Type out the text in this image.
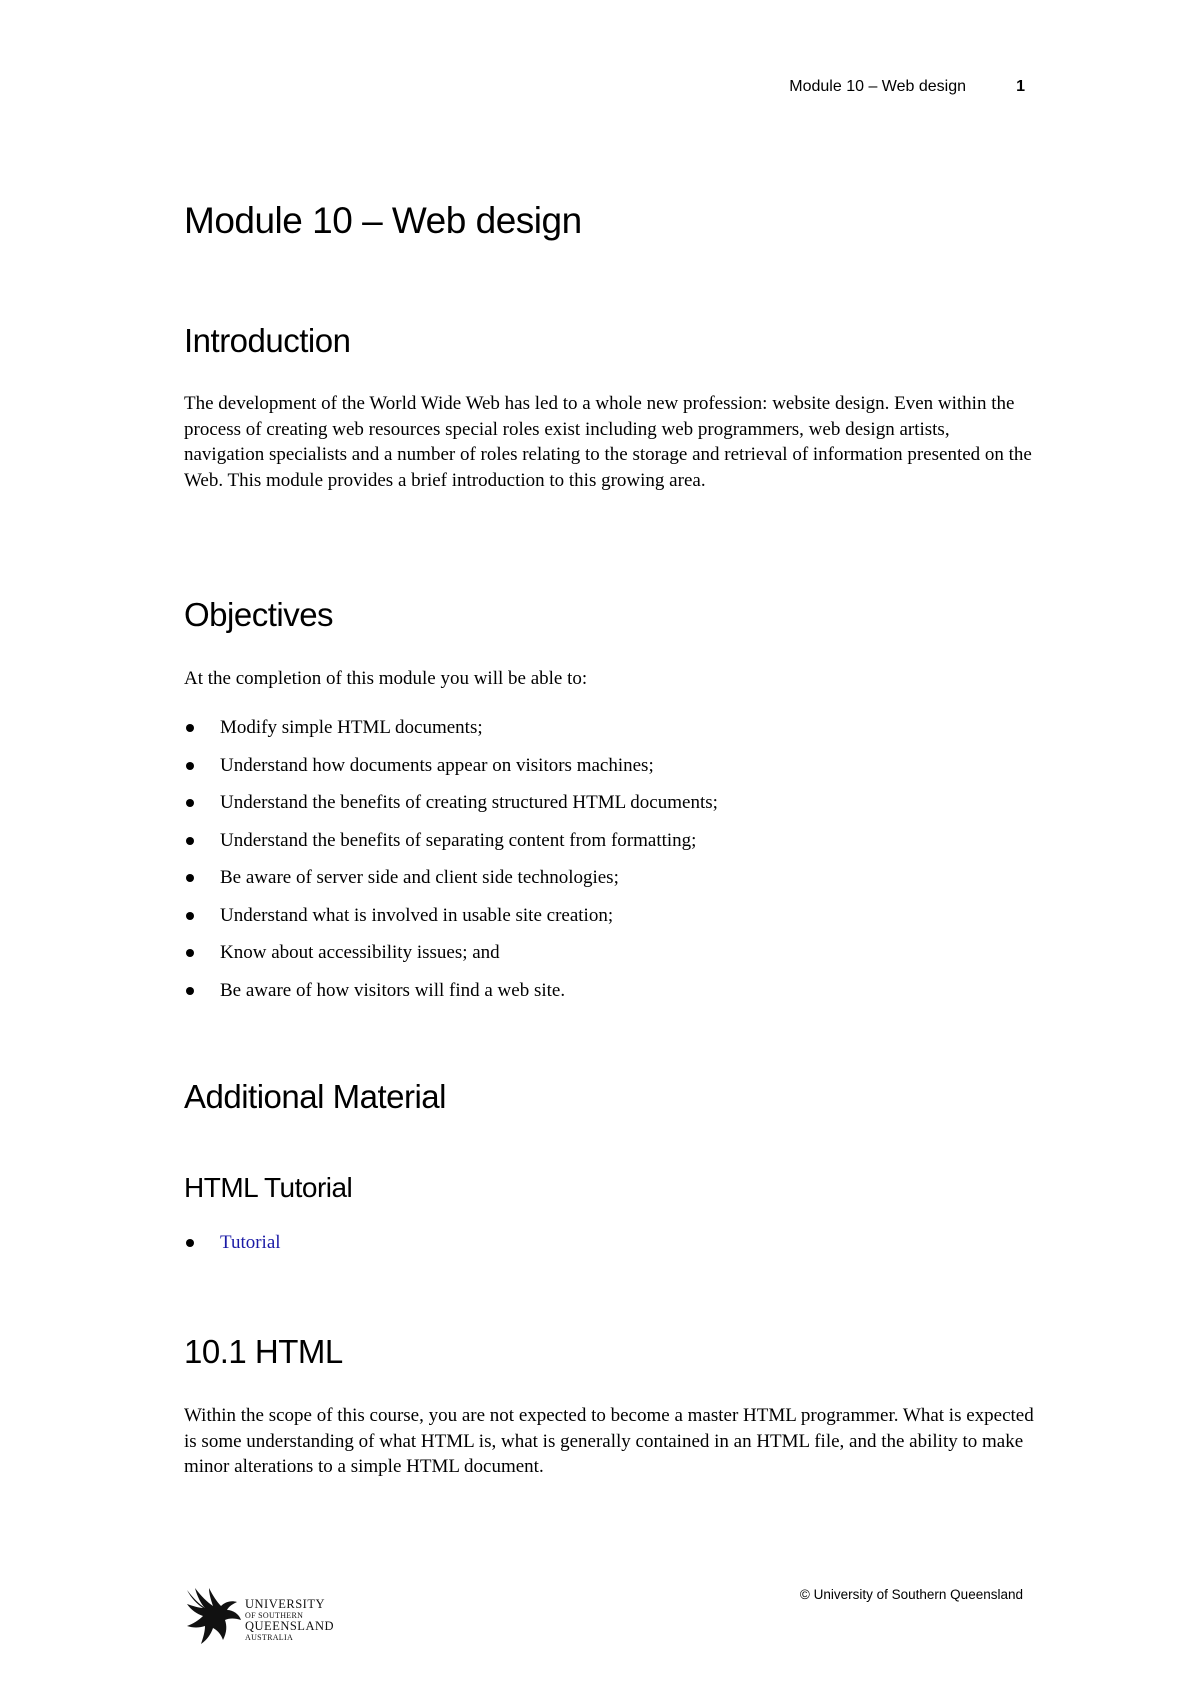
Module 10 – Web design	1
Module 10 – Web design
Introduction

The development of the World Wide Web has led to a whole new profession: website design. Even within the process of creating web resources special roles exist including web programmers, web design artists, navigation specialists and a number of roles relating to the storage and retrieval of information presented on the Web. This module provides a brief introduction to this growing area.

Objectives

At the completion of this module you will be able to:

Modify simple HTML documents;
Understand how documents appear on visitors machines;
Understand the benefits of creating structured HTML documents;
Understand the benefits of separating content from formatting;
Be aware of server side and client side technologies;
Understand what is involved in usable site creation;
Know about accessibility issues; and
Be aware of how visitors will find a web site.
Additional Material
HTML Tutorial
Tutorial
10.1 HTML

Within the scope of this course, you are not expected to become a master HTML programmer. What is expected is some understanding of what HTML is, what is generally contained in an HTML file, and the ability to make minor alterations to a simple HTML document.

© University of Southern Queensland
UNIVERSITY
OF SOUTHERN
QUEENSLAND
AUSTRALIA
